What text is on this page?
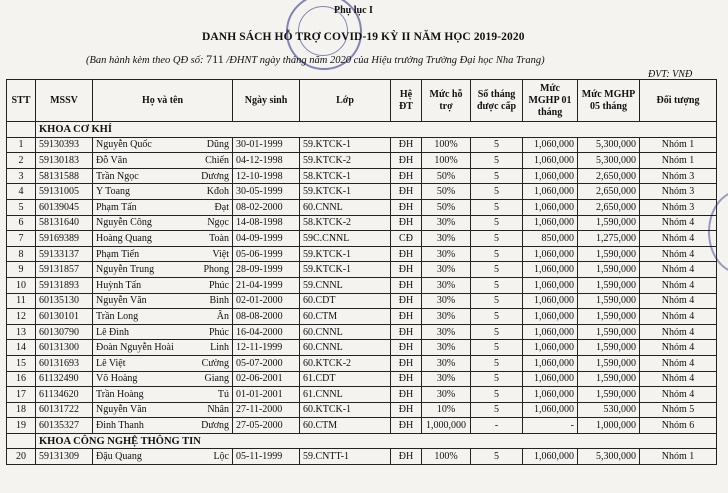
Phụ lục I
DANH SÁCH HỖ TRỢ COVID-19 KỲ II NĂM HỌC 2019-2020
(Ban hành kèm theo QĐ số: 711 /ĐHNT ngày tháng năm 2020 của Hiệu trưởng Trường Đại học Nha Trang)
ĐVT: VNĐ
STT	MSSV	Họ và tên	Ngày sinh	Lớp	Hệ ĐT	Mức hỗ trợ	Số tháng được cấp	Mức MGHP 01 tháng	Mức MGHP 05 tháng	Đối tượng
	KHOA CƠ KHÍ									
1	59130393	Nguyễn Quốc Dũng	30-01-1999	59.KTCK-1	ĐH	100%	5	1,060,000	5,300,000	Nhóm 1
2	59130183	Đỗ Văn Chiến	04-12-1998	59.KTCK-2	ĐH	100%	5	1,060,000	5,300,000	Nhóm 1
3	58131588	Trần Ngọc Dương	12-10-1998	58.KTCK-1	ĐH	50%	5	1,060,000	2,650,000	Nhóm 3
4	59131005	Y Toang Kđoh	30-05-1999	59.KTCK-1	ĐH	50%	5	1,060,000	2,650,000	Nhóm 3
5	60139045	Phạm Tấn Đạt	08-02-2000	60.CNNL	ĐH	50%	5	1,060,000	2,650,000	Nhóm 3
6	58131640	Nguyễn Công Ngọc	14-08-1998	58.KTCK-2	ĐH	30%	5	1,060,000	1,590,000	Nhóm 4
7	59169389	Hoàng Quang Toàn	04-09-1999	59C.CNNL	CĐ	30%	5	850,000	1,275,000	Nhóm 4
8	59133137	Phạm Tiến Việt	05-06-1999	59.KTCK-1	ĐH	30%	5	1,060,000	1,590,000	Nhóm 4
9	59131857	Nguyễn Trung Phong	28-09-1999	59.KTCK-1	ĐH	30%	5	1,060,000	1,590,000	Nhóm 4
10	59131893	Huỳnh Tấn Phúc	21-04-1999	59.CNNL	ĐH	30%	5	1,060,000	1,590,000	Nhóm 4
11	60135130	Nguyễn Văn Bình	02-01-2000	60.CDT	ĐH	30%	5	1,060,000	1,590,000	Nhóm 4
12	60130101	Trần Long Ân	08-08-2000	60.CTM	ĐH	30%	5	1,060,000	1,590,000	Nhóm 4
13	60130790	Lê Đình Phúc	16-04-2000	60.CNNL	ĐH	30%	5	1,060,000	1,590,000	Nhóm 4
14	60131300	Đoàn Nguyễn Hoài Linh	12-11-1999	60.CNNL	ĐH	30%	5	1,060,000	1,590,000	Nhóm 4
15	60131693	Lê Việt Cường	05-07-2000	60.KTCK-2	ĐH	30%	5	1,060,000	1,590,000	Nhóm 4
16	61132490	Võ Hoàng Giang	02-06-2001	61.CDT	ĐH	30%	5	1,060,000	1,590,000	Nhóm 4
17	61134620	Trần Hoàng Tú	01-01-2001	61.CNNL	ĐH	30%	5	1,060,000	1,590,000	Nhóm 4
18	60131722	Nguyễn Văn Nhân	27-11-2000	60.KTCK-1	ĐH	10%	5	1,060,000	530,000	Nhóm 5
19	60135327	Đinh Thanh Dương	27-05-2000	60.CTM	ĐH	1,000,000	-	-	1,000,000	Nhóm 6
	KHOA CÔNG NGHỆ THÔNG TIN									
20	59131309	Đậu Quang Lộc	05-11-1999	59.CNTT-1	ĐH	100%	5	1,060,000	5,300,000	Nhóm 1
